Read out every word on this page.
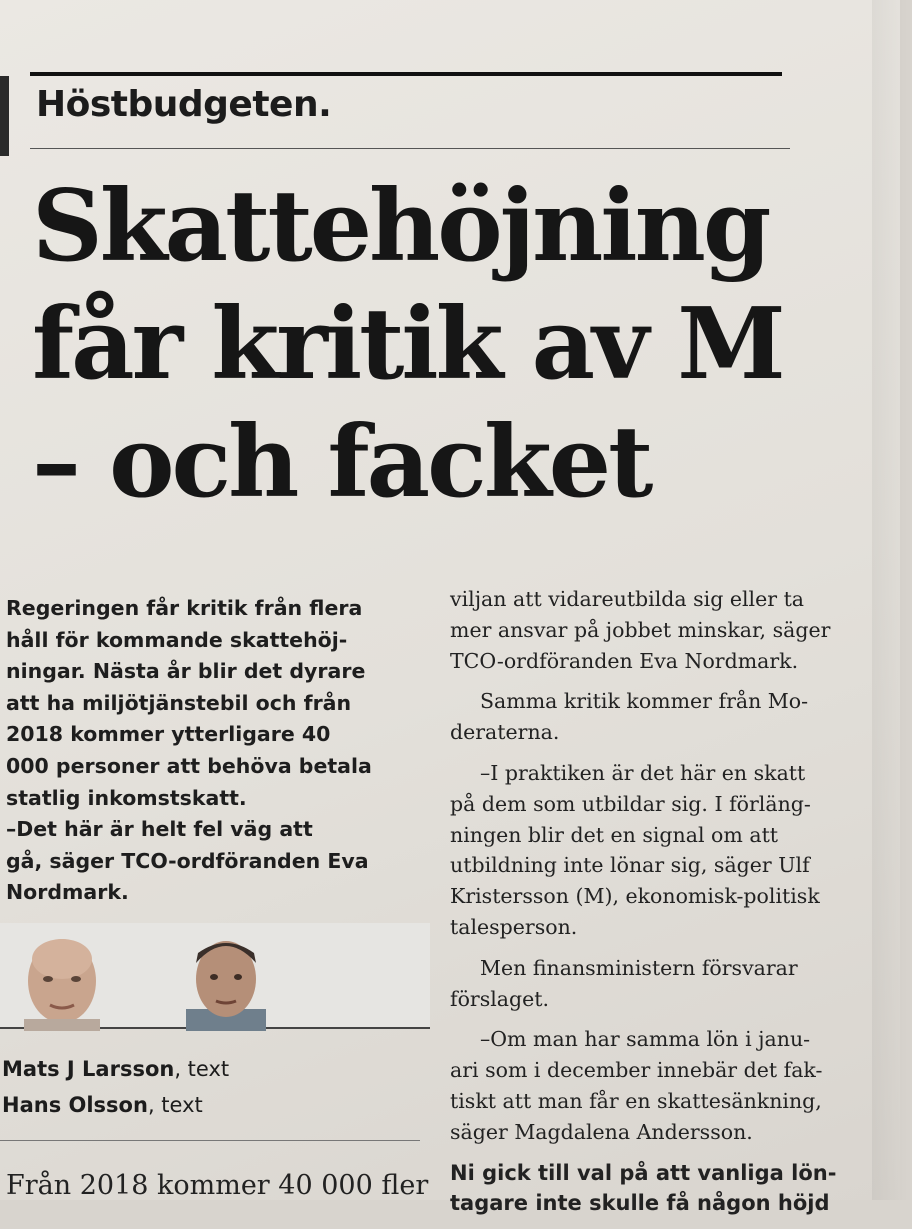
Höstbudgeten.
Skattehöjning
får kritik av M
– och facket
Regeringen får kritik från flera
håll för kommande skattehöj-
ningar. Nästa år blir det dyrare
att ha miljötjänstebil och från
2018 kommer ytterligare 40
000 personer att behöva betala
statlig inkomstskatt.
–Det här är helt fel väg att
gå, säger TCO-ordföranden Eva
Nordmark.
Mats J Larsson, text
Hans Olsson, text
Från 2018 kommer 40 000 fler
viljan att vidareutbilda sig eller ta
mer ansvar på jobbet minskar, säger
TCO-ordföranden Eva Nordmark.
Samma kritik kommer från Mo-
deraterna.
–I praktiken är det här en skatt
på dem som utbildar sig. I förläng-
ningen blir det en signal om att
utbildning inte lönar sig, säger Ulf
Kristersson (M), ekonomisk-politisk
talesperson.
Men finansministern försvarar
förslaget.
–Om man har samma lön i janu-
ari som i december innebär det fak-
tiskt att man får en skattesänkning,
säger Magdalena Andersson.
Ni gick till val på att vanliga lön-
tagare inte skulle få någon höjd
